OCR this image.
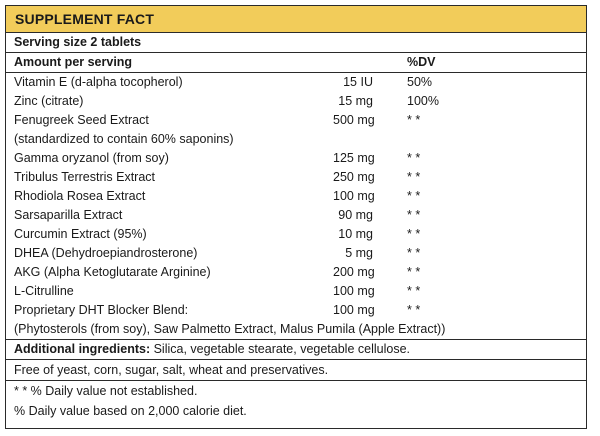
SUPPLEMENT FACT
Serving size 2 tablets
Amount per serving	%DV
Vitamin E (d-alpha tocopherol)	15 IU	50%
Zinc (citrate)	15 mg	100%
Fenugreek Seed Extract	500 mg	* *
(standardized to contain 60% saponins)
Gamma oryzanol (from soy)	125 mg	* *
Tribulus Terrestris Extract	250 mg	* *
Rhodiola Rosea Extract	100 mg	* *
Sarsaparilla Extract	90 mg	* *
Curcumin Extract (95%)	10 mg	* *
DHEA (Dehydroepiandrosterone)	5 mg	* *
AKG (Alpha Ketoglutarate Arginine)	200 mg	* *
L-Citrulline	100 mg	* *
Proprietary DHT Blocker Blend:	100 mg	* *
(Phytosterols (from soy), Saw Palmetto Extract, Malus Pumila (Apple Extract))
Additional ingredients: Silica, vegetable stearate, vegetable cellulose.
Free of yeast, corn, sugar, salt, wheat and preservatives.
* * % Daily value not established.
% Daily value based on 2,000 calorie diet.
